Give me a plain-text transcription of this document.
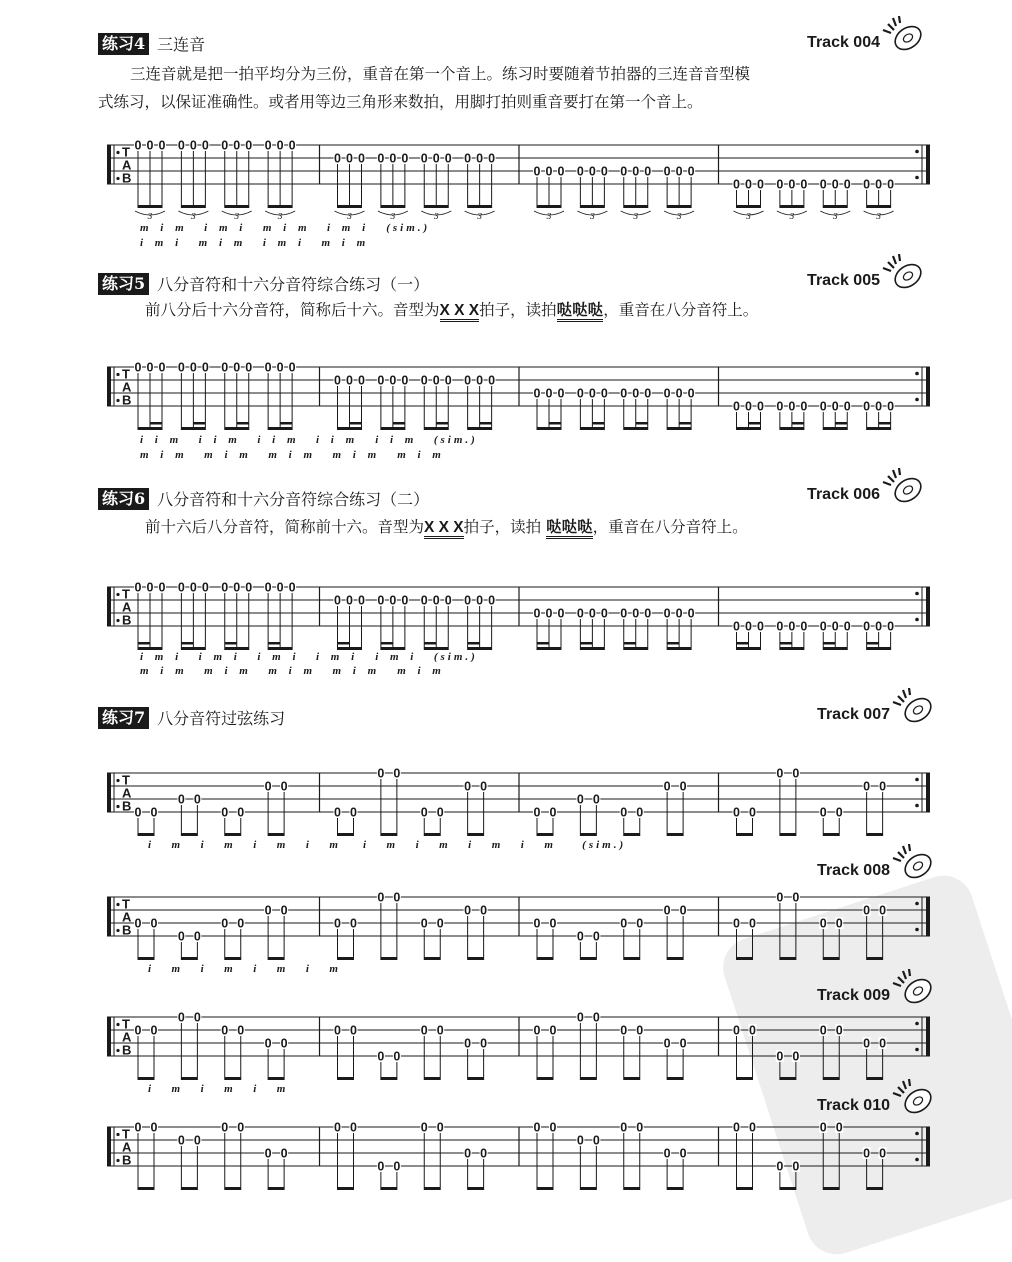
练习4 三连音	Track 004
三连音就是把一拍平均分为三份，重音在第一个音上。练习时要随着节拍器的三连音音型模
式练习，以保证准确性。或者用等边三角形来数拍，用脚打拍则重音要打在第一个音上。
T
A
B
0 0 0 0 0 0 0 0 0 0 0 0
3	3	3	3
0 0 0 0 0 0 0 0 0 0 0 0
3	3	3	3
0 0 0 0 0 0 0 0 0 0 0 0
3	3	3	3
0 0 0 0 0 0 0 0 0 0 0 0
3	3	3	3
m i m  i m i  m i m  i m i (sim.)
i m i  m i m  i m i  m i m
练习5 八分音符和十六分音符综合练习（一）	Track 005
前八分后十六分音符，简称后十六。音型为X X X拍子，读拍哒哒哒，重音在八分音符上。
T
A
B
0 0 0 0 0 0 0 0 0 0 0 0
0 0 0 0 0 0 0 0 0 0 0 0
0 0 0 0 0 0 0 0 0 0 0 0
0 0 0 0 0 0 0 0 0 0 0 0
i i m  i i m  i i m  i i m i i m  (sim.)
m i m  m i m  m i m  m i m m i m
练习6 八分音符和十六分音符综合练习（二）	Track 006
前十六后八分音符，简称前十六。音型为X X X拍子，读拍 哒哒哒，重音在八分音符上。
T
A
B
0 0 0 0 0 0 0 0 0 0 0 0
0 0 0 0 0 0 0 0 0 0 0 0
0 0 0 0 0 0 0 0 0 0 0 0
0 0 0 0 0 0 0 0 0 0 0 0
i m i  i m i  i m i  i m i i m i  (sim.)
m i m  m i m  m i m  m i m m i m
练习7 八分音符过弦练习	Track 007
T
A
B 0 0
0 0
0 0
0 0
0 0
0 0
0 0
0 0
0 0
0 0
0 0
0 0
0 0
0 0
0 0
0 0
i  m  i  m  i  m  i  m i  m  i  m  i  m  i  m   (sim.)
Track 008
T
A
B 0 0
0 0
0 0
0 0
0 0
0 0
0 0
0 0
0 0
0 0
0 0
0 0
0 0
0 0
0 0
0 0
i  m  i  m  i  m  i  m
Track 009
T
A
B
0 0
0 0
0 0
0 0
0 0
0 0
0 0
0 0
0 0
0 0
0 0
0 0
0 0
0 0
0 0
0 0
i  m  i  m  i  m
Track 010
T
A
B
0 0
0 0
0 0
0 0
0 0
0 0
0 0
0 0
0 0
0 0
0 0
0 0
0 0
0 0
0 0
0 0
